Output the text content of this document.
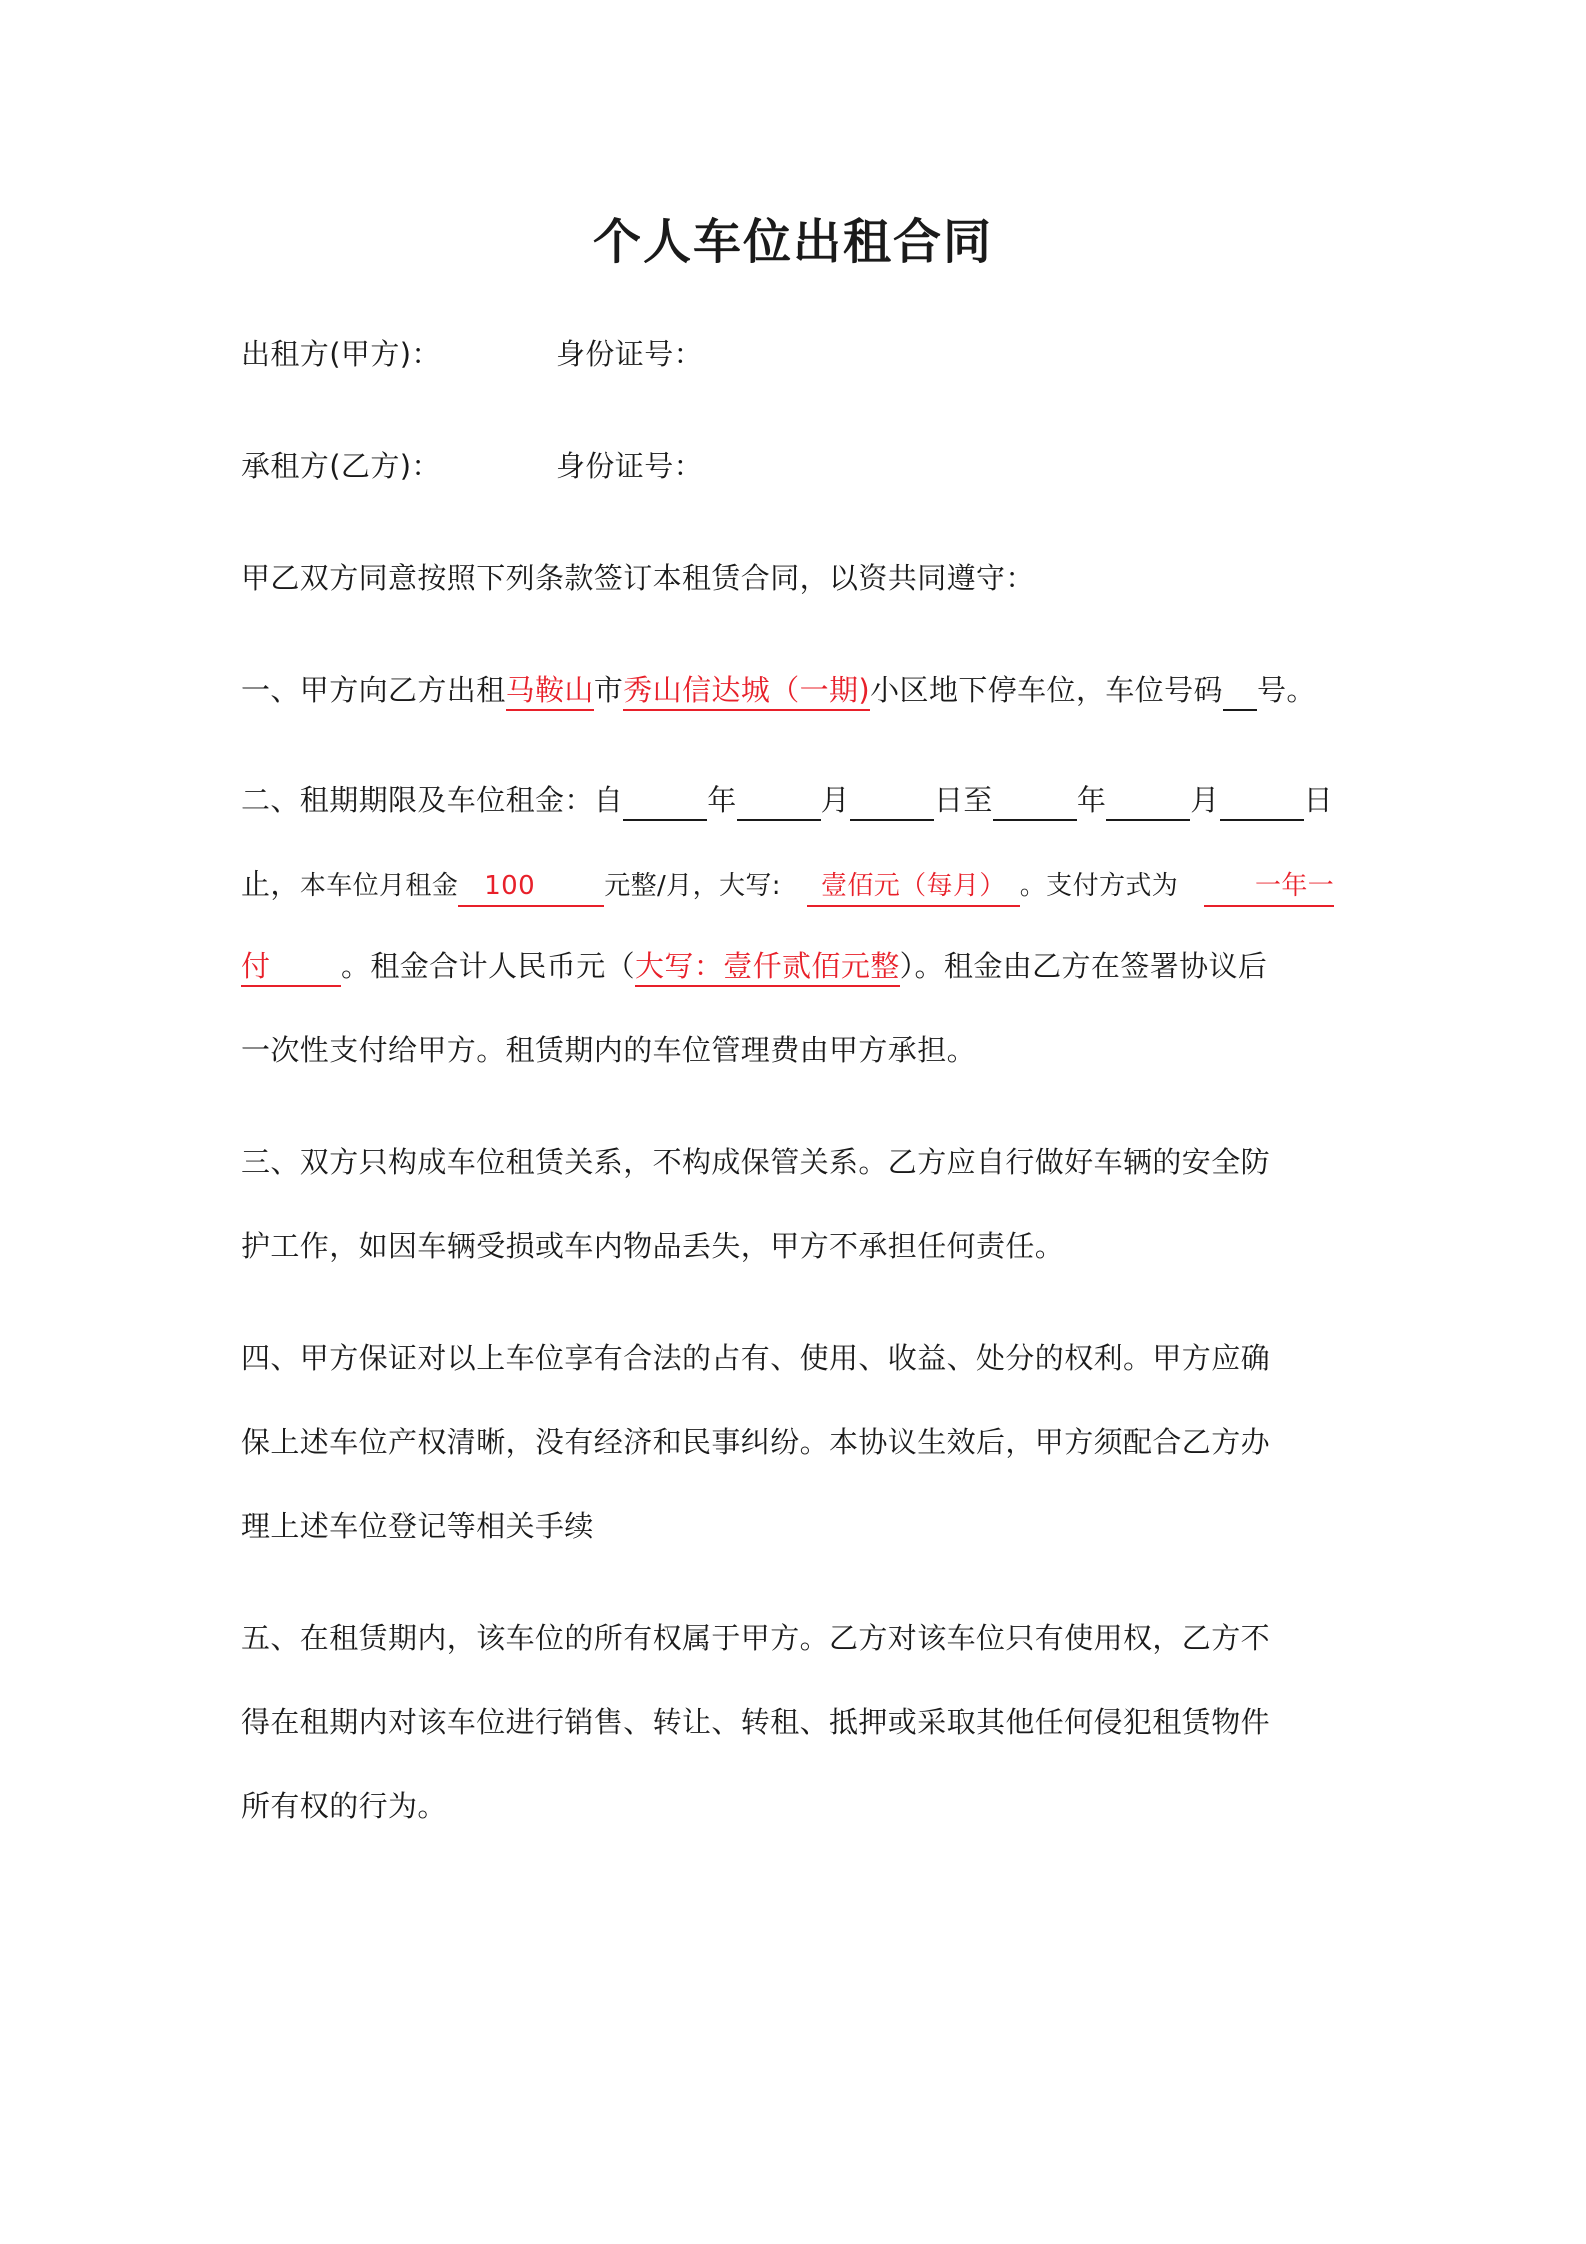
个人车位出租合同
出租方(甲方)：	身份证号：
承租方(乙方)：	身份证号：
甲乙双方同意按照下列条款签订本租赁合同，以资共同遵守：
一、甲方向乙方出租马鞍山市秀山信达城（一期)小区地下停车位，车位号码 号。
二、租期期限及车位租金：自	年	月	日至	年	月	日
止，本车位月租金 100	元整/月，大写: 壹佰元（每月） 。支付方式为	一年一
付 。租金合计人民币元（大写：壹仟贰佰元整）。租金由乙方在签署协议后
一次性支付给甲方。租赁期内的车位管理费由甲方承担。
三、双方只构成车位租赁关系，不构成保管关系。乙方应自行做好车辆的安全防
护工作，如因车辆受损或车内物品丢失，甲方不承担任何责任。
四、甲方保证对以上车位享有合法的占有、使用、收益、处分的权利。甲方应确
保上述车位产权清晰，没有经济和民事纠纷。本协议生效后，甲方须配合乙方办
理上述车位登记等相关手续
五、在租赁期内，该车位的所有权属于甲方。乙方对该车位只有使用权，乙方不
得在租期内对该车位进行销售、转让、转租、抵押或采取其他任何侵犯租赁物件
所有权的行为。
